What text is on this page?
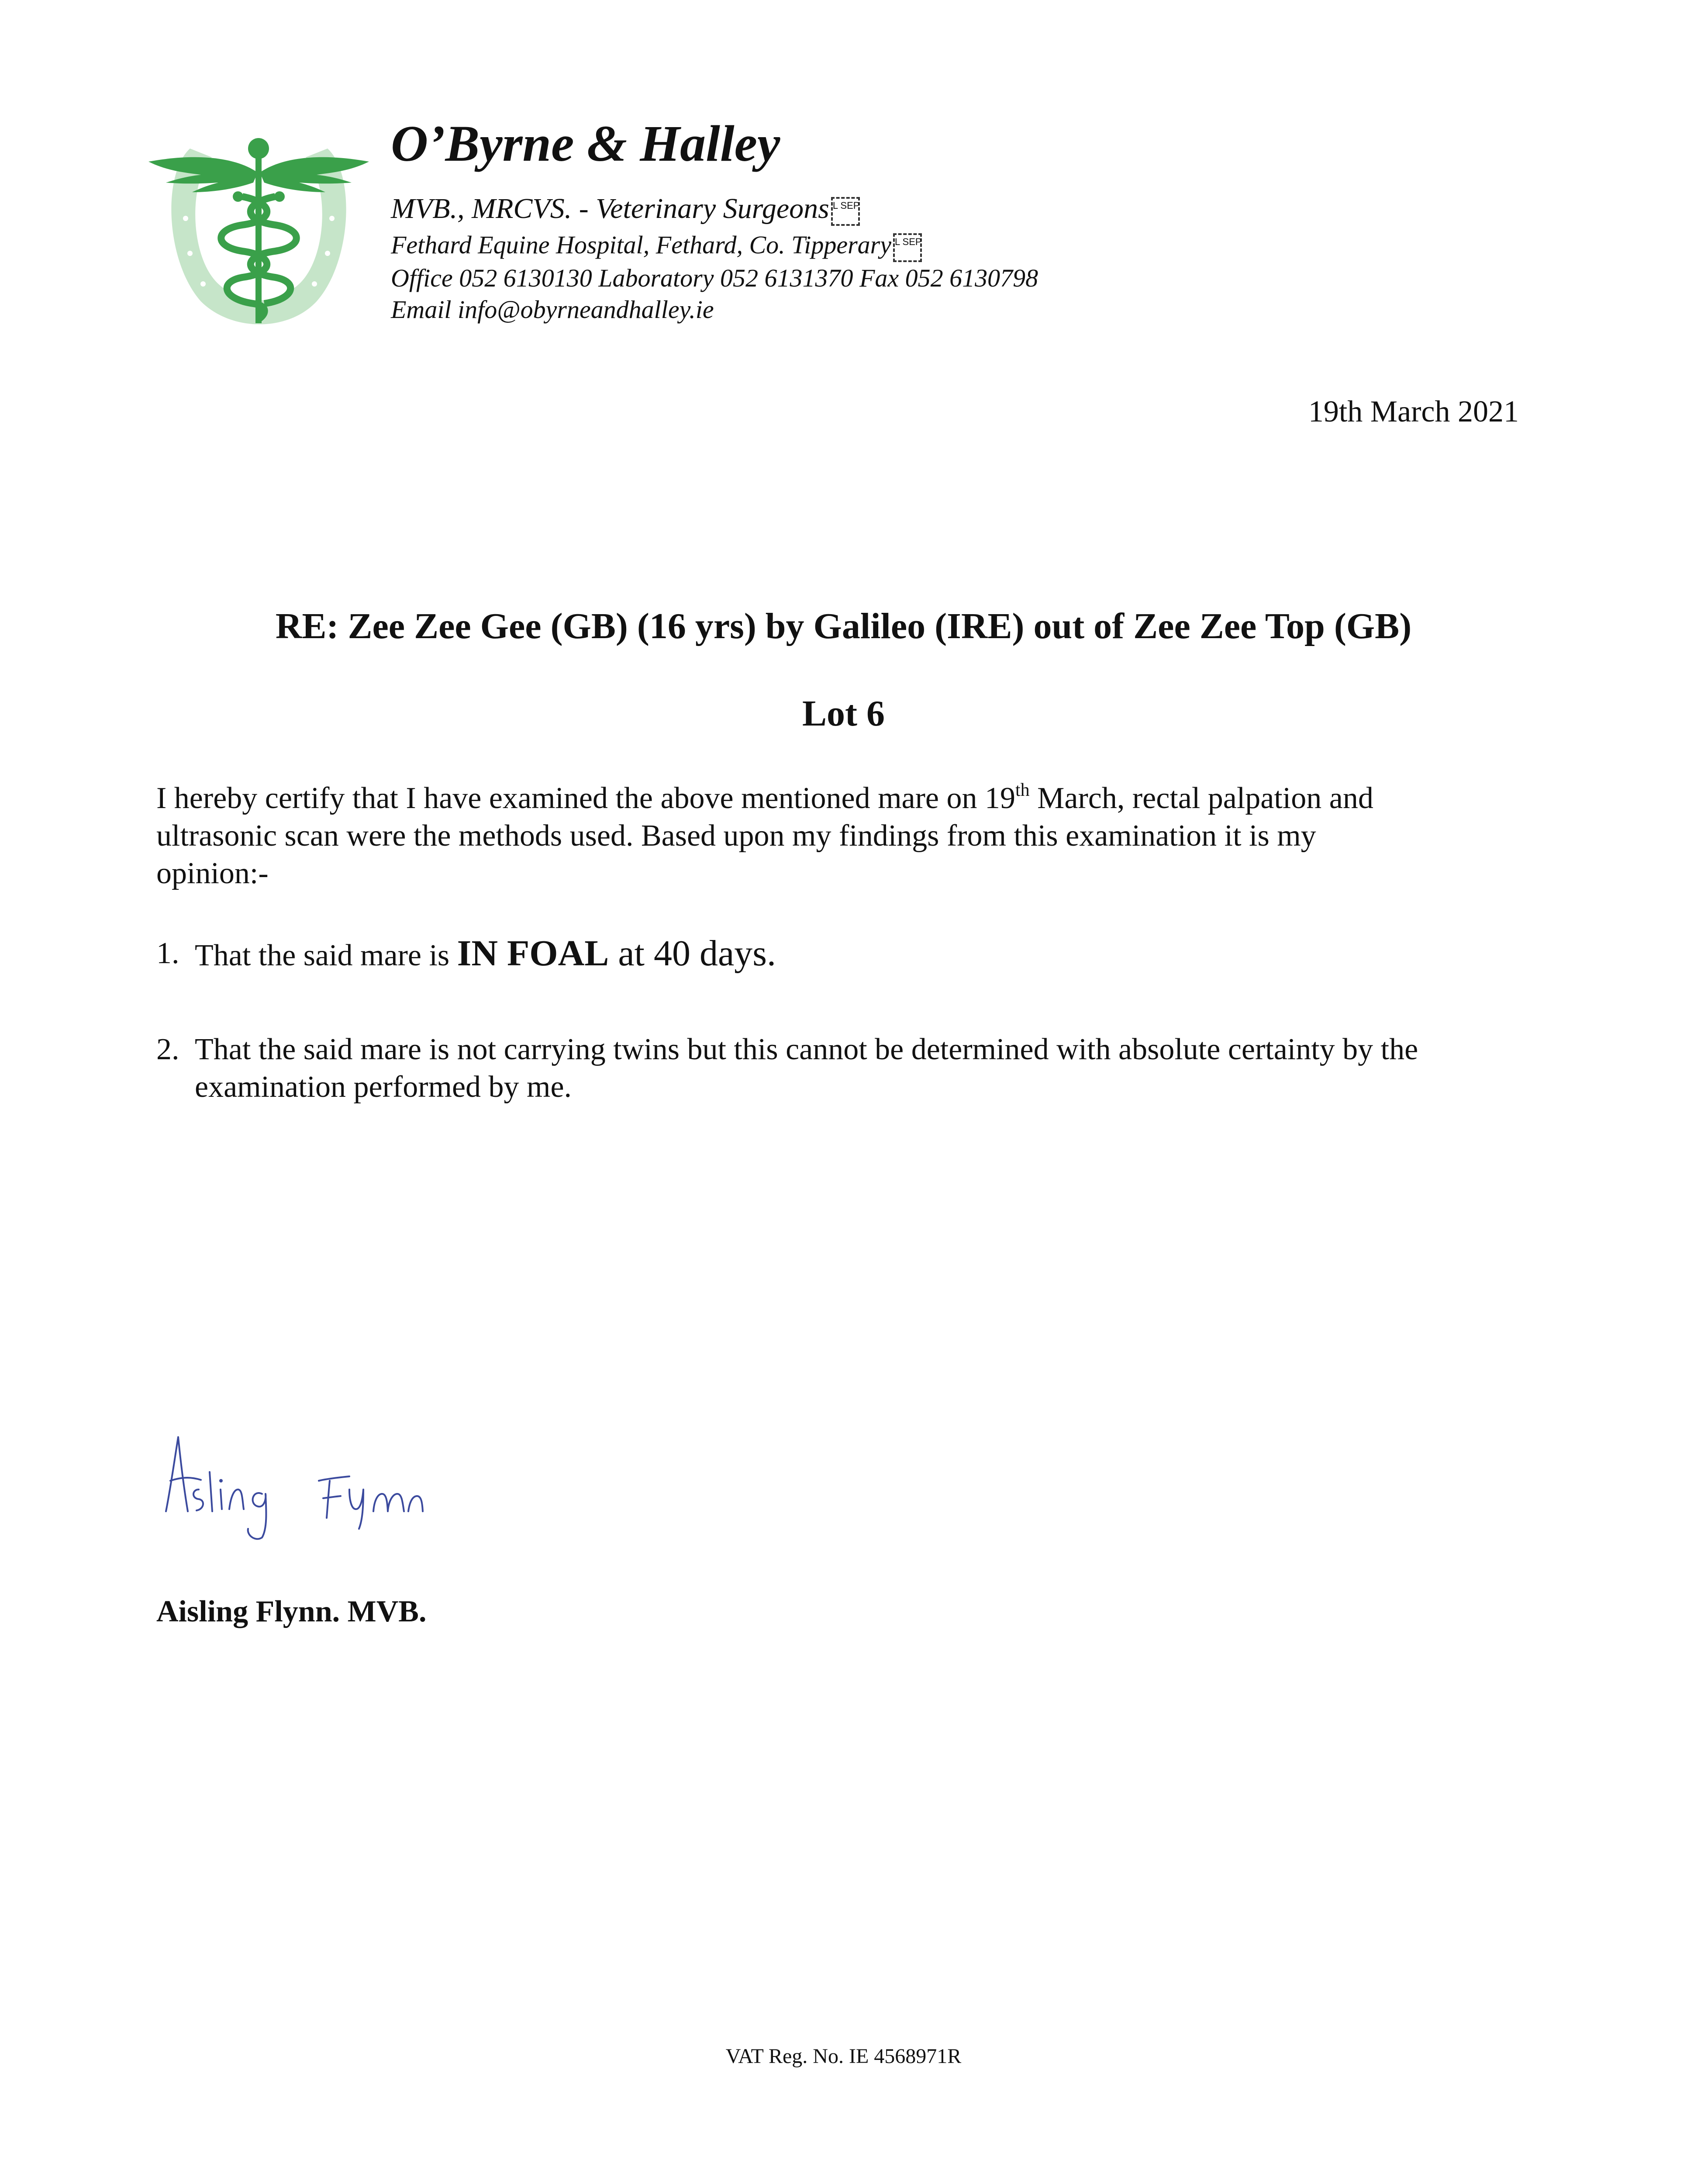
O’Byrne & Halley
MVB., MRCVS. - Veterinary Surgeons L SEP
Fethard Equine Hospital, Fethard, Co. Tipperary L SEP
Office 052 6130130 Laboratory 052 6131370 Fax 052 6130798
Email info@obyrneandhalley.ie
19th March 2021
RE: Zee Zee Gee (GB) (16 yrs) by Galileo (IRE) out of Zee Zee Top (GB)
Lot 6
I hereby certify that I have examined the above mentioned mare on 19th March, rectal palpation and
ultrasonic scan were the methods used. Based upon my findings from this examination it is my
opinion:-
1. That the said mare is IN FOAL at 40 days.
2. That the said mare is not carrying twins but this cannot be determined with absolute certainty by the
examination performed by me.
Aisling Flynn. MVB.
VAT Reg. No. IE 4568971R
